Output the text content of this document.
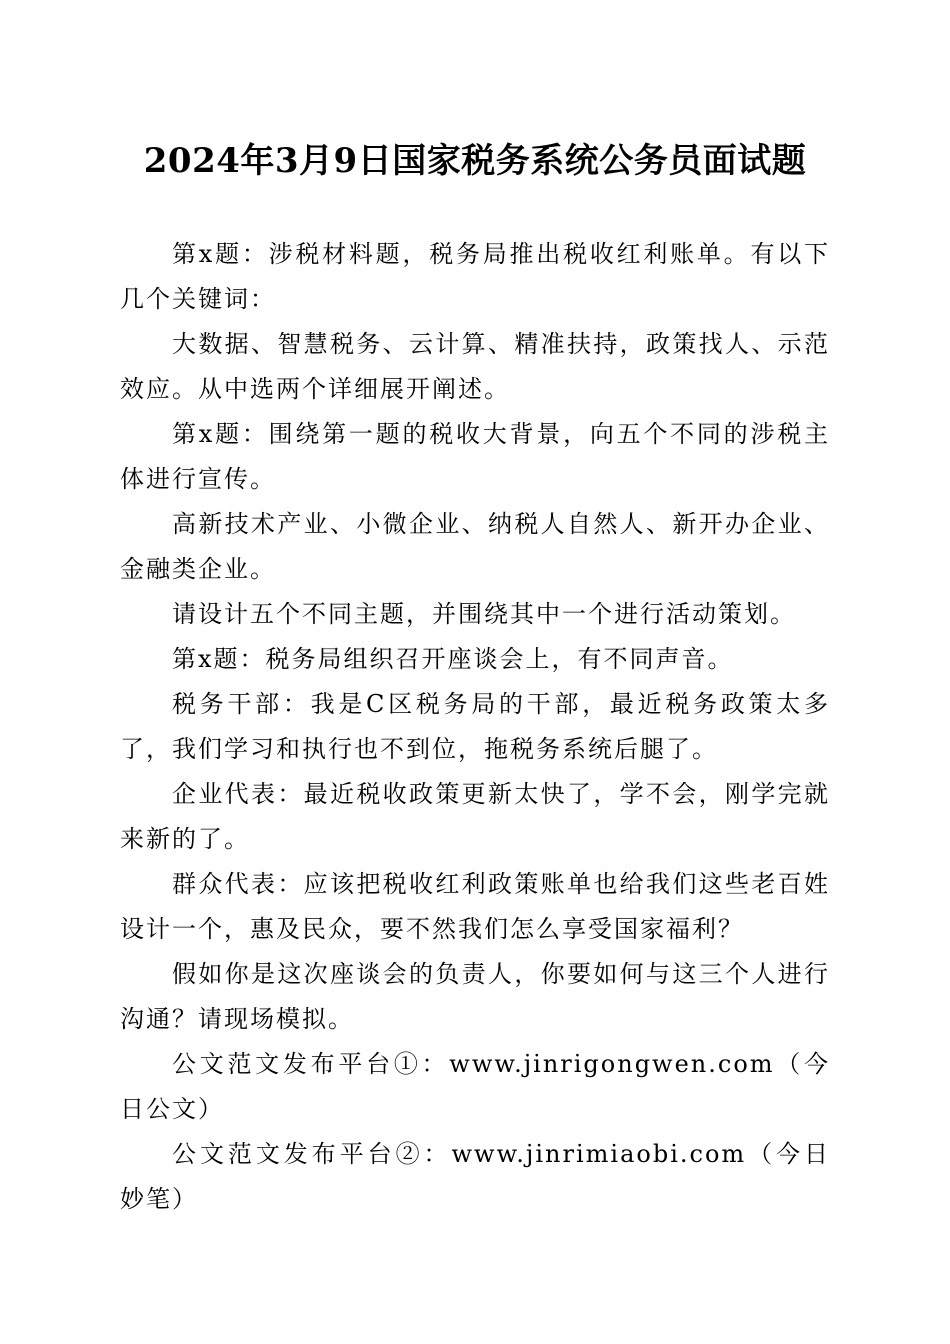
2024年3月9日国家税务系统公务员面试题

第x题：涉税材料题，税务局推出税收红利账单。有以下几个关键词：

大数据、智慧税务、云计算、精准扶持，政策找人、示范效应。从中选两个详细展开阐述。

第x题：围绕第一题的税收大背景，向五个不同的涉税主体进行宣传。

高新技术产业、小微企业、纳税人自然人、新开办企业、金融类企业。

请设计五个不同主题，并围绕其中一个进行活动策划。

第x题：税务局组织召开座谈会上，有不同声音。

税务干部：我是C区税务局的干部，最近税务政策太多了，我们学习和执行也不到位，拖税务系统后腿了。

企业代表：最近税收政策更新太快了，学不会，刚学完就来新的了。

群众代表：应该把税收红利政策账单也给我们这些老百姓设计一个，惠及民众，要不然我们怎么享受国家福利？

假如你是这次座谈会的负责人，你要如何与这三个人进行沟通？请现场模拟。

公文范文发布平台①：www.jinrigongwen.com（今日公文）

公文范文发布平台②：www.jinrimiaobi.com（今日妙笔）
